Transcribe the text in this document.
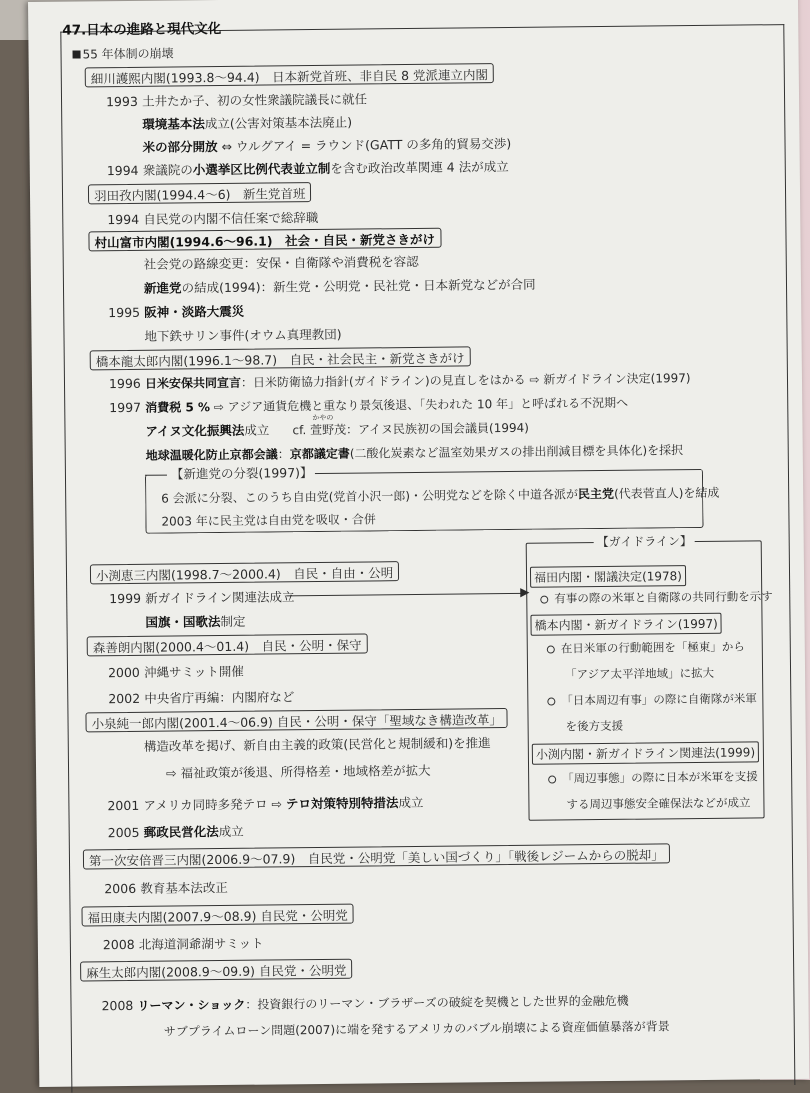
47.日本の進路と現代文化
55 年体制の崩壊
細川護熙内閣(1993.8〜94.4)　日本新党首班、非自民 8 党派連立内閣
1993 土井たか子、初の女性衆議院議長に就任
環境基本法成立(公害対策基本法廃止)
米の部分開放 ⇔ ウルグアイ = ラウンド(GATT の多角的貿易交渉)
1994 衆議院の小選挙区比例代表並立制を含む政治改革関連 4 法が成立
羽田孜内閣(1994.4〜6)　新生党首班
1994 自民党の内閣不信任案で総辞職
村山富市内閣(1994.6〜96.1)　社会・自民・新党さきがけ
社会党の路線変更：安保・自衛隊や消費税を容認
新進党の結成(1994)：新生党・公明党・民社党・日本新党などが合同
1995 阪神・淡路大震災
地下鉄サリン事件(オウム真理教団)
橋本龍太郎内閣(1996.1〜98.7)　自民・社会民主・新党さきがけ
1996 日米安保共同宣言：日米防衛協力指針(ガイドライン)の見直しをはかる ⇨ 新ガイドライン決定(1997)
1997 消費税 5 % ⇨ アジア通貨危機と重なり景気後退、「失われた 10 年」と呼ばれる不況期へ
アイヌ文化振興法成立
かやの
cf. 萱野茂：アイヌ民族初の国会議員(1994)
地球温暖化防止京都会議：京都議定書(二酸化炭素など温室効果ガスの排出削減目標を具体化)を採択
【新進党の分裂(1997)】
6 会派に分裂、このうち自由党(党首小沢一郎)・公明党などを除く中道各派が民主党(代表菅直人)を結成
2003 年に民主党は自由党を吸収・合併
小渕恵三内閣(1998.7〜2000.4)　自民・自由・公明
1999 新ガイドライン関連法成立	▶
国旗・国歌法制定
森善朗内閣(2000.4〜01.4)　自民・公明・保守
2000 沖縄サミット開催
2002 中央省庁再編：内閣府など
小泉純一郎内閣(2001.4〜06.9) 自民・公明・保守「聖域なき構造改革」
構造改革を掲げ、新自由主義的政策(民営化と規制緩和)を推進
⇨ 福祉政策が後退、所得格差・地域格差が拡大
2001 アメリカ同時多発テロ ⇨ テロ対策特別特措法成立
2005 郵政民営化法成立
第一次安倍晋三内閣(2006.9〜07.9)　自民党・公明党「美しい国づくり」「戦後レジームからの脱却」
2006 教育基本法改正
福田康夫内閣(2007.9〜08.9) 自民党・公明党
2008 北海道洞爺湖サミット
麻生太郎内閣(2008.9〜09.9) 自民党・公明党
2008 リーマン・ショック：投資銀行のリーマン・ブラザーズの破綻を契機とした世界的金融危機
サブプライムローン問題(2007)に端を発するアメリカのバブル崩壊による資産価値暴落が背景
【ガイドライン】
福田内閣・閣議決定(1978)
有事の際の米軍と自衛隊の共同行動を示す
橋本内閣・新ガイドライン(1997)
在日米軍の行動範囲を「極東」から
「アジア太平洋地域」に拡大
「日本周辺有事」の際に自衛隊が米軍
を後方支援
小渕内閣・新ガイドライン関連法(1999)
「周辺事態」の際に日本が米軍を支援
する周辺事態安全確保法などが成立
